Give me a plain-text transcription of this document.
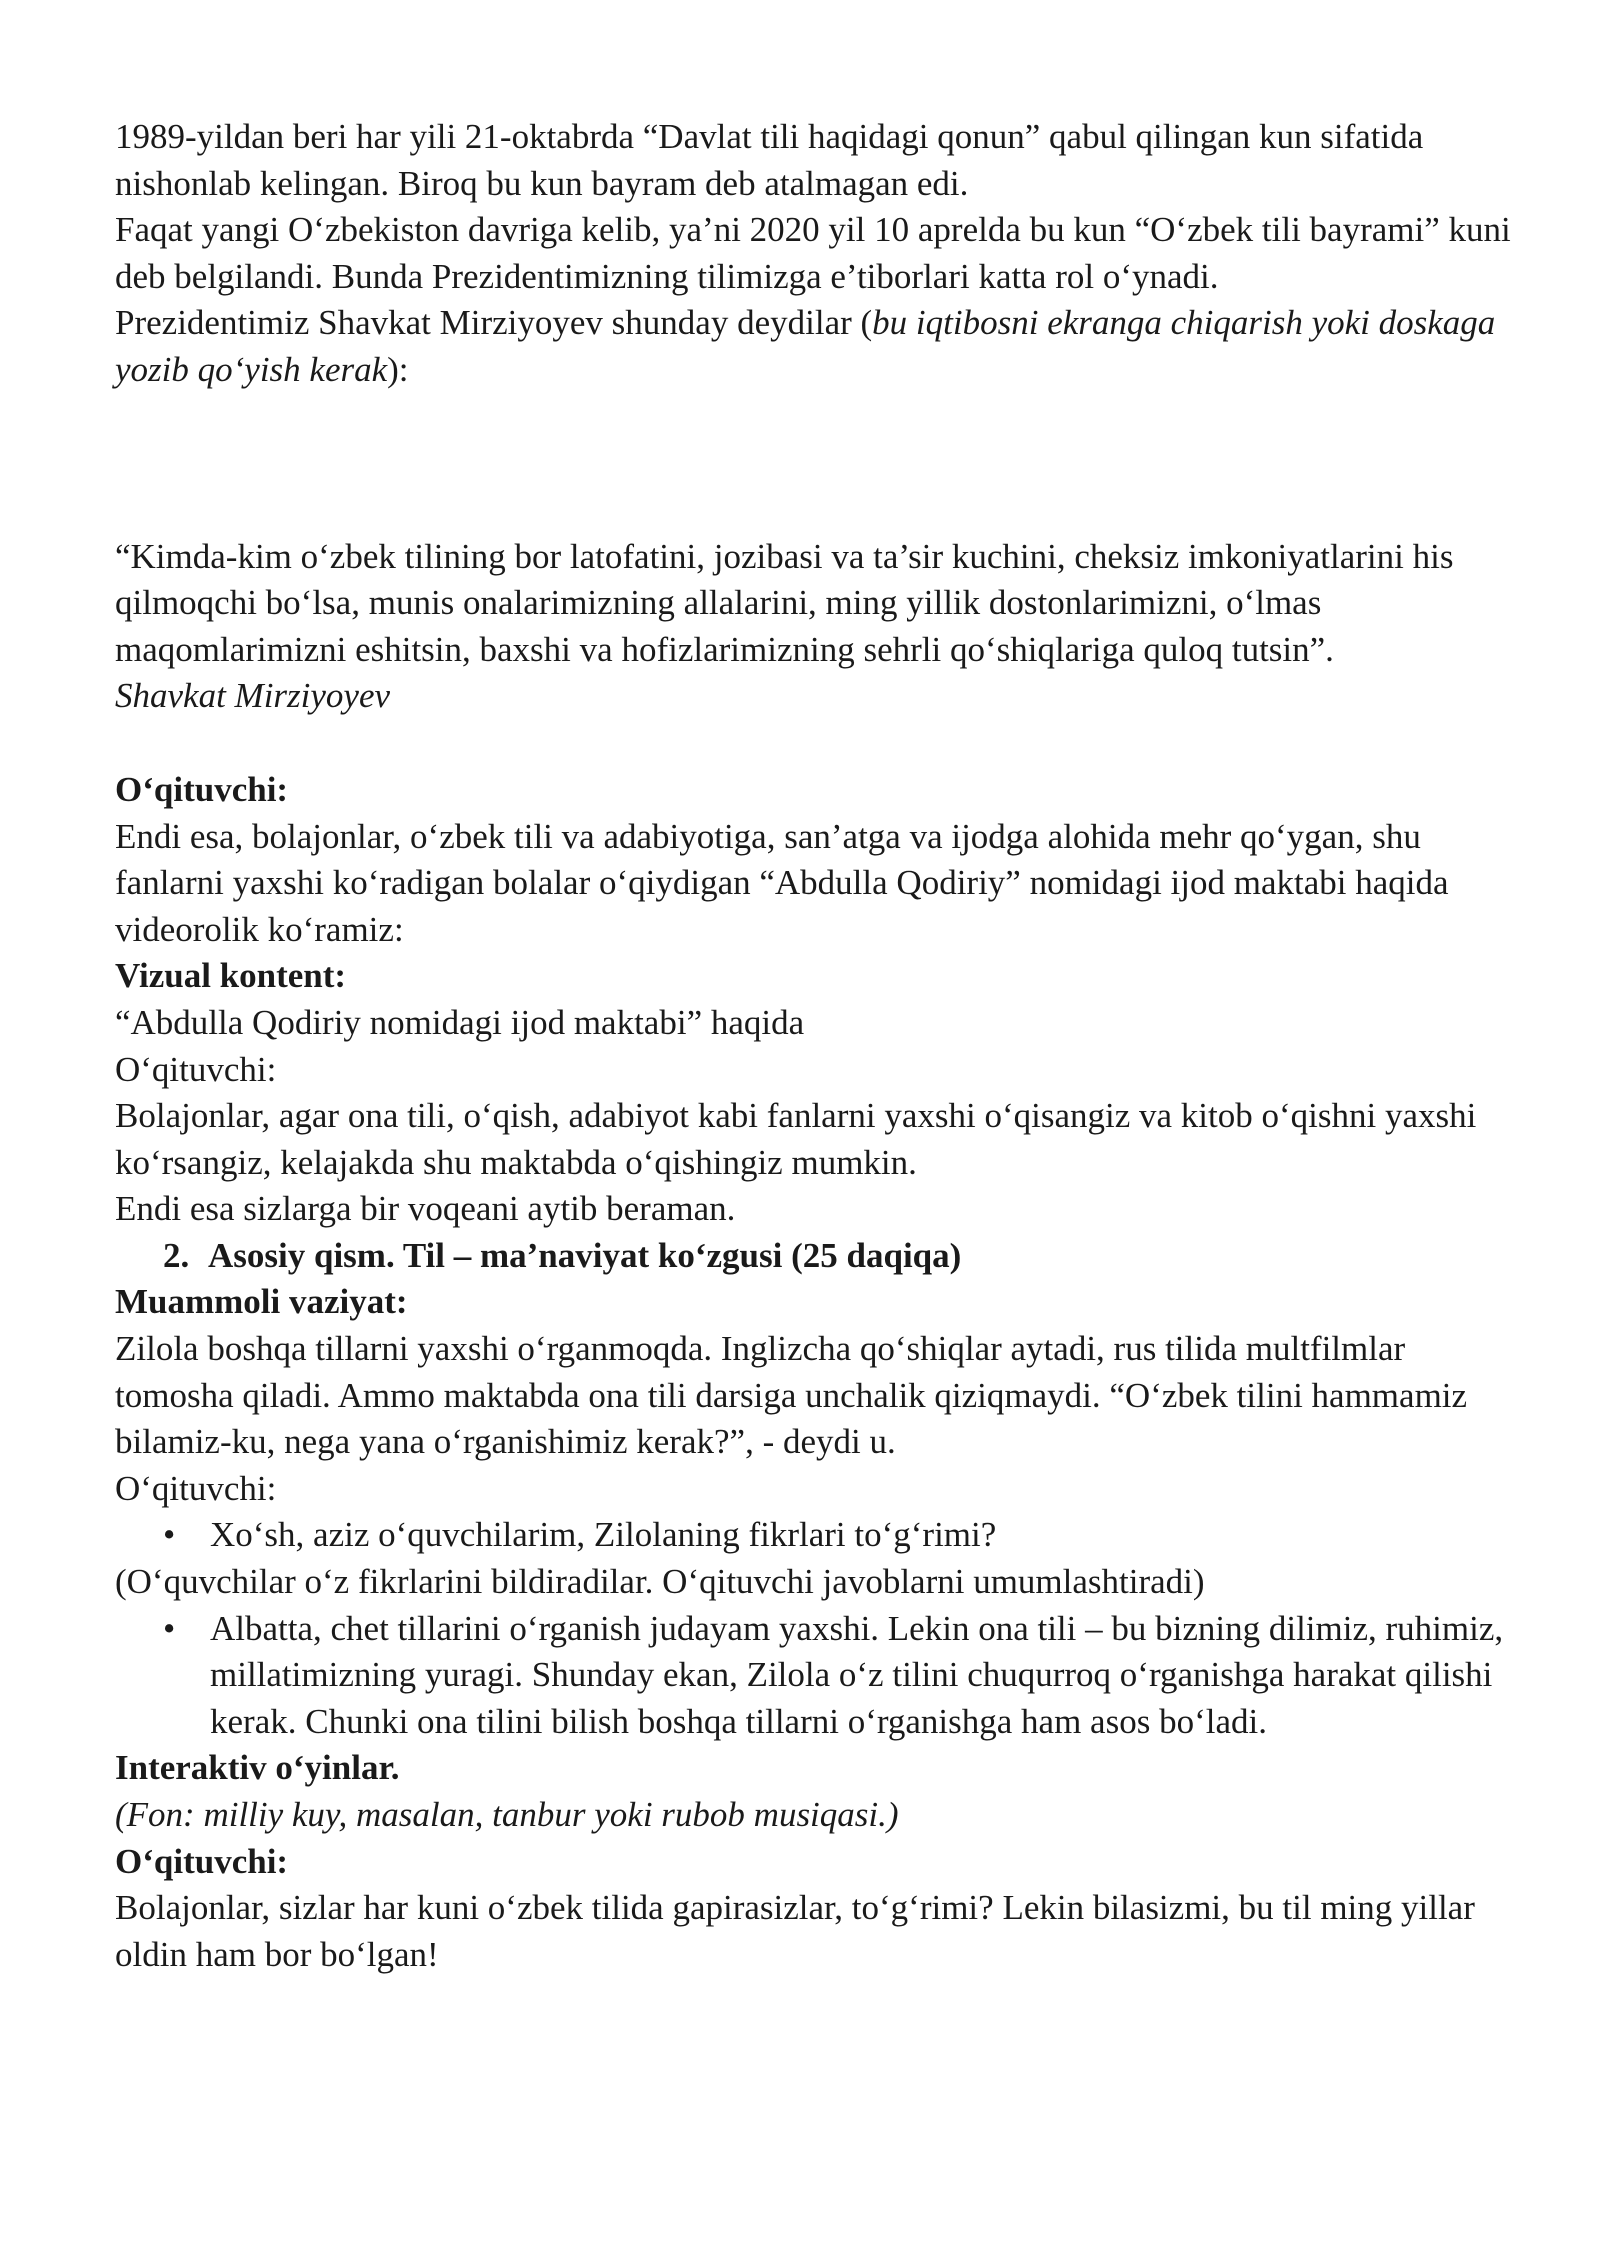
1989-yildan beri har yili 21-oktabrda “Davlat tili haqidagi qonun” qabul qilingan kun sifatida nishonlab kelingan. Biroq bu kun bayram deb atalmagan edi.

Faqat yangi O‘zbekiston davriga kelib, ya’ni 2020 yil 10 aprelda bu kun “O‘zbek tili bayrami” kuni deb belgilandi. Bunda Prezidentimizning tilimizga e’tiborlari katta rol o‘ynadi.

Prezidentimiz Shavkat Mirziyoyev shunday deydilar (bu iqtibosni ekranga chiqarish yoki doskaga yozib qo‘yish kerak):

“Kimda-kim o‘zbek tilining bor latofatini, jozibasi va ta’sir kuchini, cheksiz imkoniyatlarini his qilmoqchi bo‘lsa, munis onalarimizning allalarini, ming yillik dostonlarimizni, o‘lmas maqomlarimizni eshitsin, baxshi va hofizlarimizning sehrli qo‘shiqlariga quloq tutsin”.

Shavkat Mirziyoyev

O‘qituvchi:

Endi esa, bolajonlar, o‘zbek tili va adabiyotiga, san’atga va ijodga alohida mehr qo‘ygan, shu fanlarni yaxshi ko‘radigan bolalar o‘qiydigan “Abdulla Qodiriy” nomidagi ijod maktabi haqida videorolik ko‘ramiz:

Vizual kontent:

“Abdulla Qodiriy nomidagi ijod maktabi” haqida

O‘qituvchi:

Bolajonlar, agar ona tili, o‘qish, adabiyot kabi fanlarni yaxshi o‘qisangiz va kitob o‘qishni yaxshi ko‘rsangiz, kelajakda shu maktabda o‘qishingiz mumkin.

Endi esa sizlarga bir voqeani aytib beraman.

2. Asosiy qism. Til – ma’naviyat ko‘zgusi (25 daqiqa)

Muammoli vaziyat:

Zilola boshqa tillarni yaxshi o‘rganmoqda. Inglizcha qo‘shiqlar aytadi, rus tilida multfilmlar tomosha qiladi. Ammo maktabda ona tili darsiga unchalik qiziqmaydi. “O‘zbek tilini hammamiz bilamiz-ku, nega yana o‘rganishimiz kerak?”, - deydi u.

O‘qituvchi:

• Xo‘sh, aziz o‘quvchilarim, Zilolaning fikrlari to‘g‘rimi?

(O‘quvchilar o‘z fikrlarini bildiradilar. O‘qituvchi javoblarni umumlashtiradi)

• Albatta, chet tillarini o‘rganish judayam yaxshi. Lekin ona tili – bu bizning dilimiz, ruhimiz, millatimizning yuragi. Shunday ekan, Zilola o‘z tilini chuqurroq o‘rganishga harakat qilishi kerak. Chunki ona tilini bilish boshqa tillarni o‘rganishga ham asos bo‘ladi.

Interaktiv o‘yinlar.

(Fon: milliy kuy, masalan, tanbur yoki rubob musiqasi.)

O‘qituvchi:

Bolajonlar, sizlar har kuni o‘zbek tilida gapirasizlar, to‘g‘rimi? Lekin bilasizmi, bu til ming yillar oldin ham bor bo‘lgan!
